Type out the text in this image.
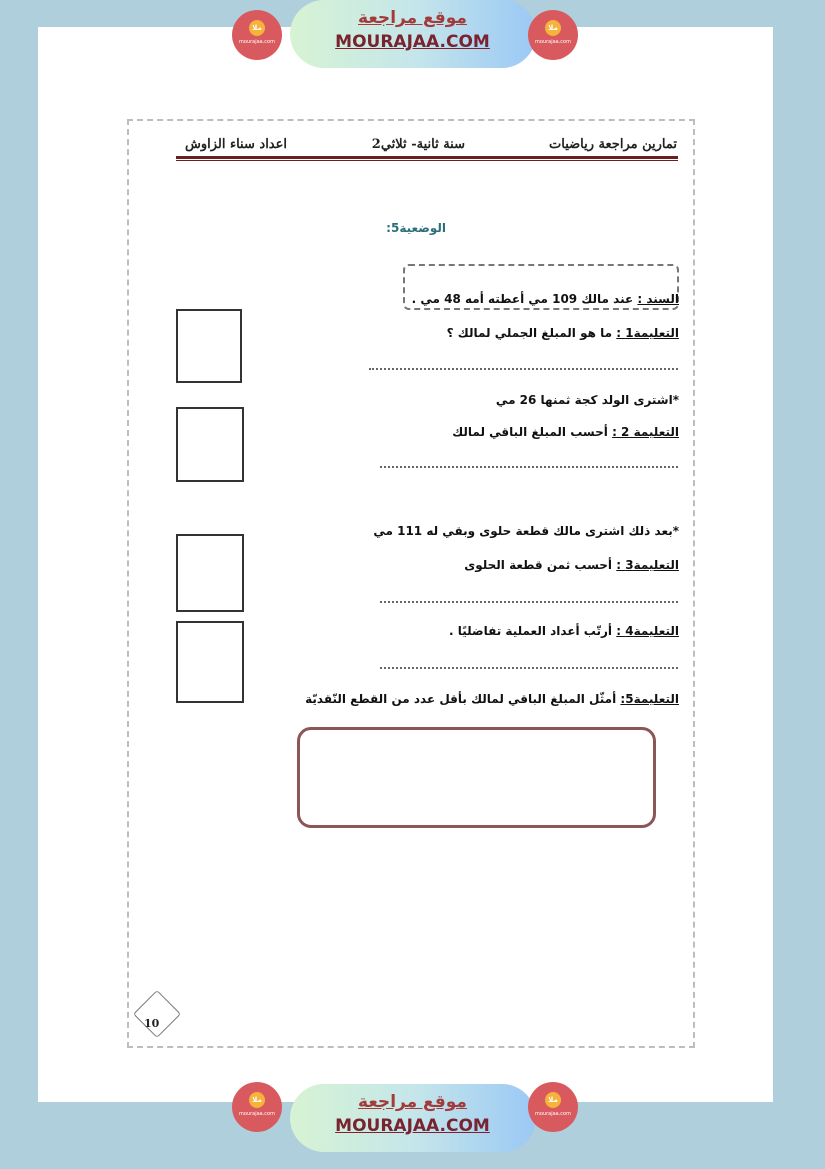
ملا
mourajaa.com
موقع مراجعة
MOURAJAA.COM
ملا
mourajaa.com
تمارين مراجعة رياضيات
سنة ثانية- ثلاثي2
اعداد سناء الزاوش
الوضعية5:
السند : عند مالك 109 مي أعطته أمه 48 مي .
التعليمة1 : ما هو المبلغ الجملي لمالك ؟
*اشترى الولد كجة ثمنها 26 مي
التعليمة 2 : أحسب المبلغ الباقي لمالك
*بعد ذلك اشترى مالك قطعة حلوى وبقي له 111 مي
التعليمة3 : أحسب ثمن قطعة الحلوى
التعليمة4 : أرتّب أعداد العملية تفاضليًا .
التعليمة5: أمثّل المبلغ الباقي لمالك بأقل عدد من القطع النّقديّة
10
ملا
mourajaa.com
موقع مراجعة
MOURAJAA.COM
ملا
mourajaa.com
